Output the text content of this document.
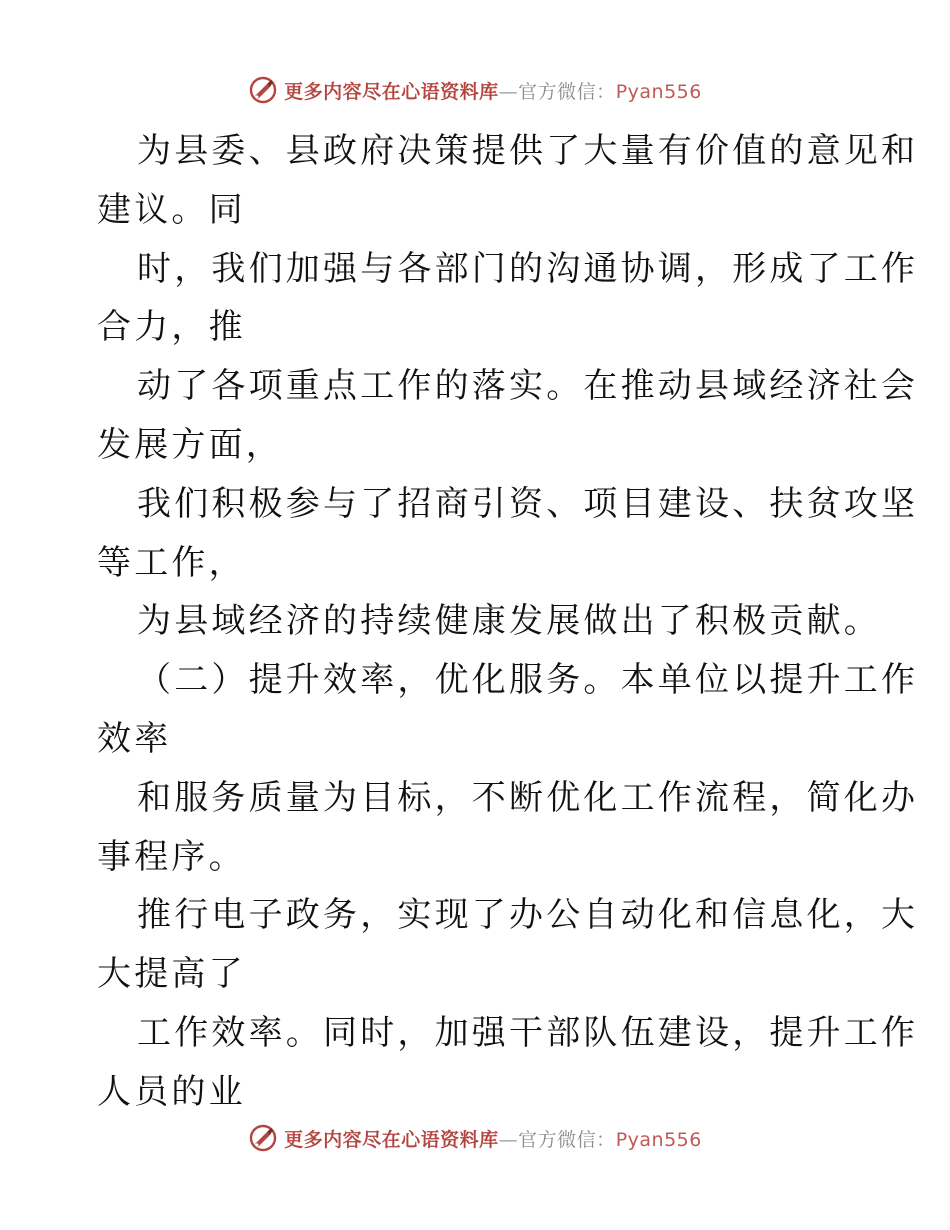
更多内容尽在心语资料库—官方微信：Pyan556
为县委、县政府决策提供了大量有价值的意见和
建议。同
时，我们加强与各部门的沟通协调，形成了工作
合力，推
动了各项重点工作的落实。在推动县域经济社会
发展方面，
我们积极参与了招商引资、项目建设、扶贫攻坚
等工作，
为县域经济的持续健康发展做出了积极贡献。
（二）提升效率，优化服务。本单位以提升工作
效率
和服务质量为目标，不断优化工作流程，简化办
事程序。
推行电子政务，实现了办公自动化和信息化，大
大提高了
工作效率。同时，加强干部队伍建设，提升工作
人员的业
更多内容尽在心语资料库—官方微信：Pyan556
